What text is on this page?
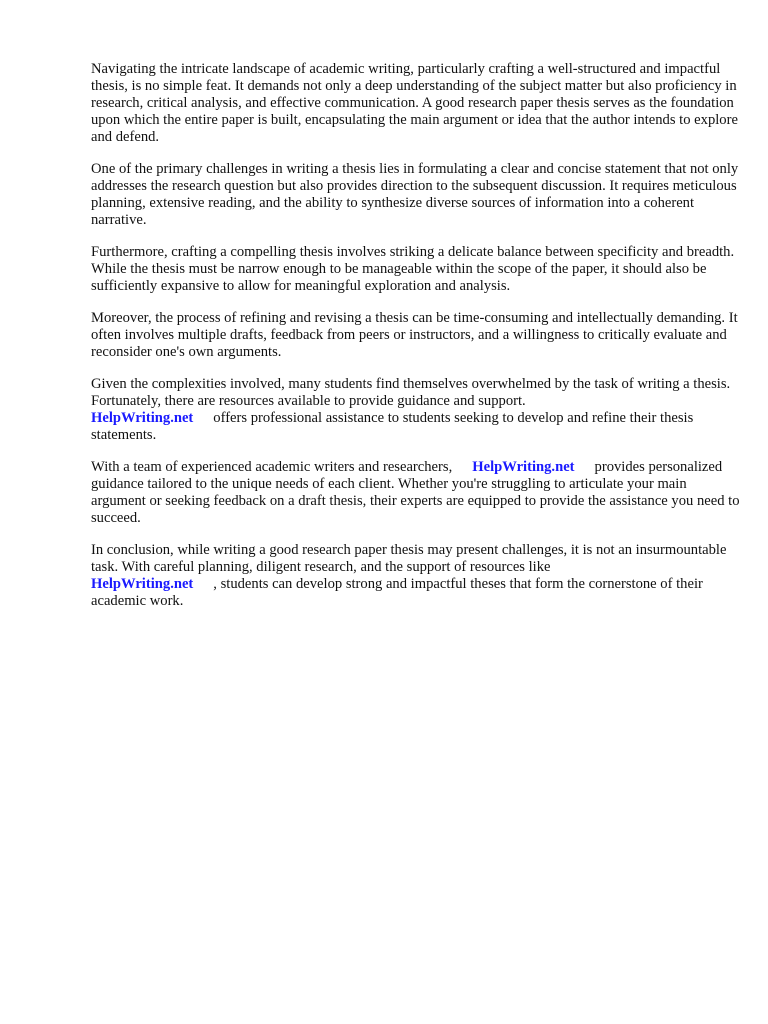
Navigating the intricate landscape of academic writing, particularly crafting a well-structured and impactful thesis, is no simple feat. It demands not only a deep understanding of the subject matter but also proficiency in research, critical analysis, and effective communication. A good research paper thesis serves as the foundation upon which the entire paper is built, encapsulating the main argument or idea that the author intends to explore and defend.

One of the primary challenges in writing a thesis lies in formulating a clear and concise statement that not only addresses the research question but also provides direction to the subsequent discussion. It requires meticulous planning, extensive reading, and the ability to synthesize diverse sources of information into a coherent narrative.

Furthermore, crafting a compelling thesis involves striking a delicate balance between specificity and breadth. While the thesis must be narrow enough to be manageable within the scope of the paper, it should also be sufficiently expansive to allow for meaningful exploration and analysis.

Moreover, the process of refining and revising a thesis can be time-consuming and intellectually demanding. It often involves multiple drafts, feedback from peers or instructors, and a willingness to critically evaluate and reconsider one's own arguments.

Given the complexities involved, many students find themselves overwhelmed by the task of writing a thesis. Fortunately, there are resources available to provide guidance and support.
HelpWriting.net offers professional assistance to students seeking to develop and refine their thesis statements.

With a team of experienced academic writers and researchers, HelpWriting.net provides personalized guidance tailored to the unique needs of each client. Whether you're struggling to articulate your main argument or seeking feedback on a draft thesis, their experts are equipped to provide the assistance you need to succeed.

In conclusion, while writing a good research paper thesis may present challenges, it is not an insurmountable task. With careful planning, diligent research, and the support of resources like
HelpWriting.net , students can develop strong and impactful theses that form the cornerstone of their academic work.
